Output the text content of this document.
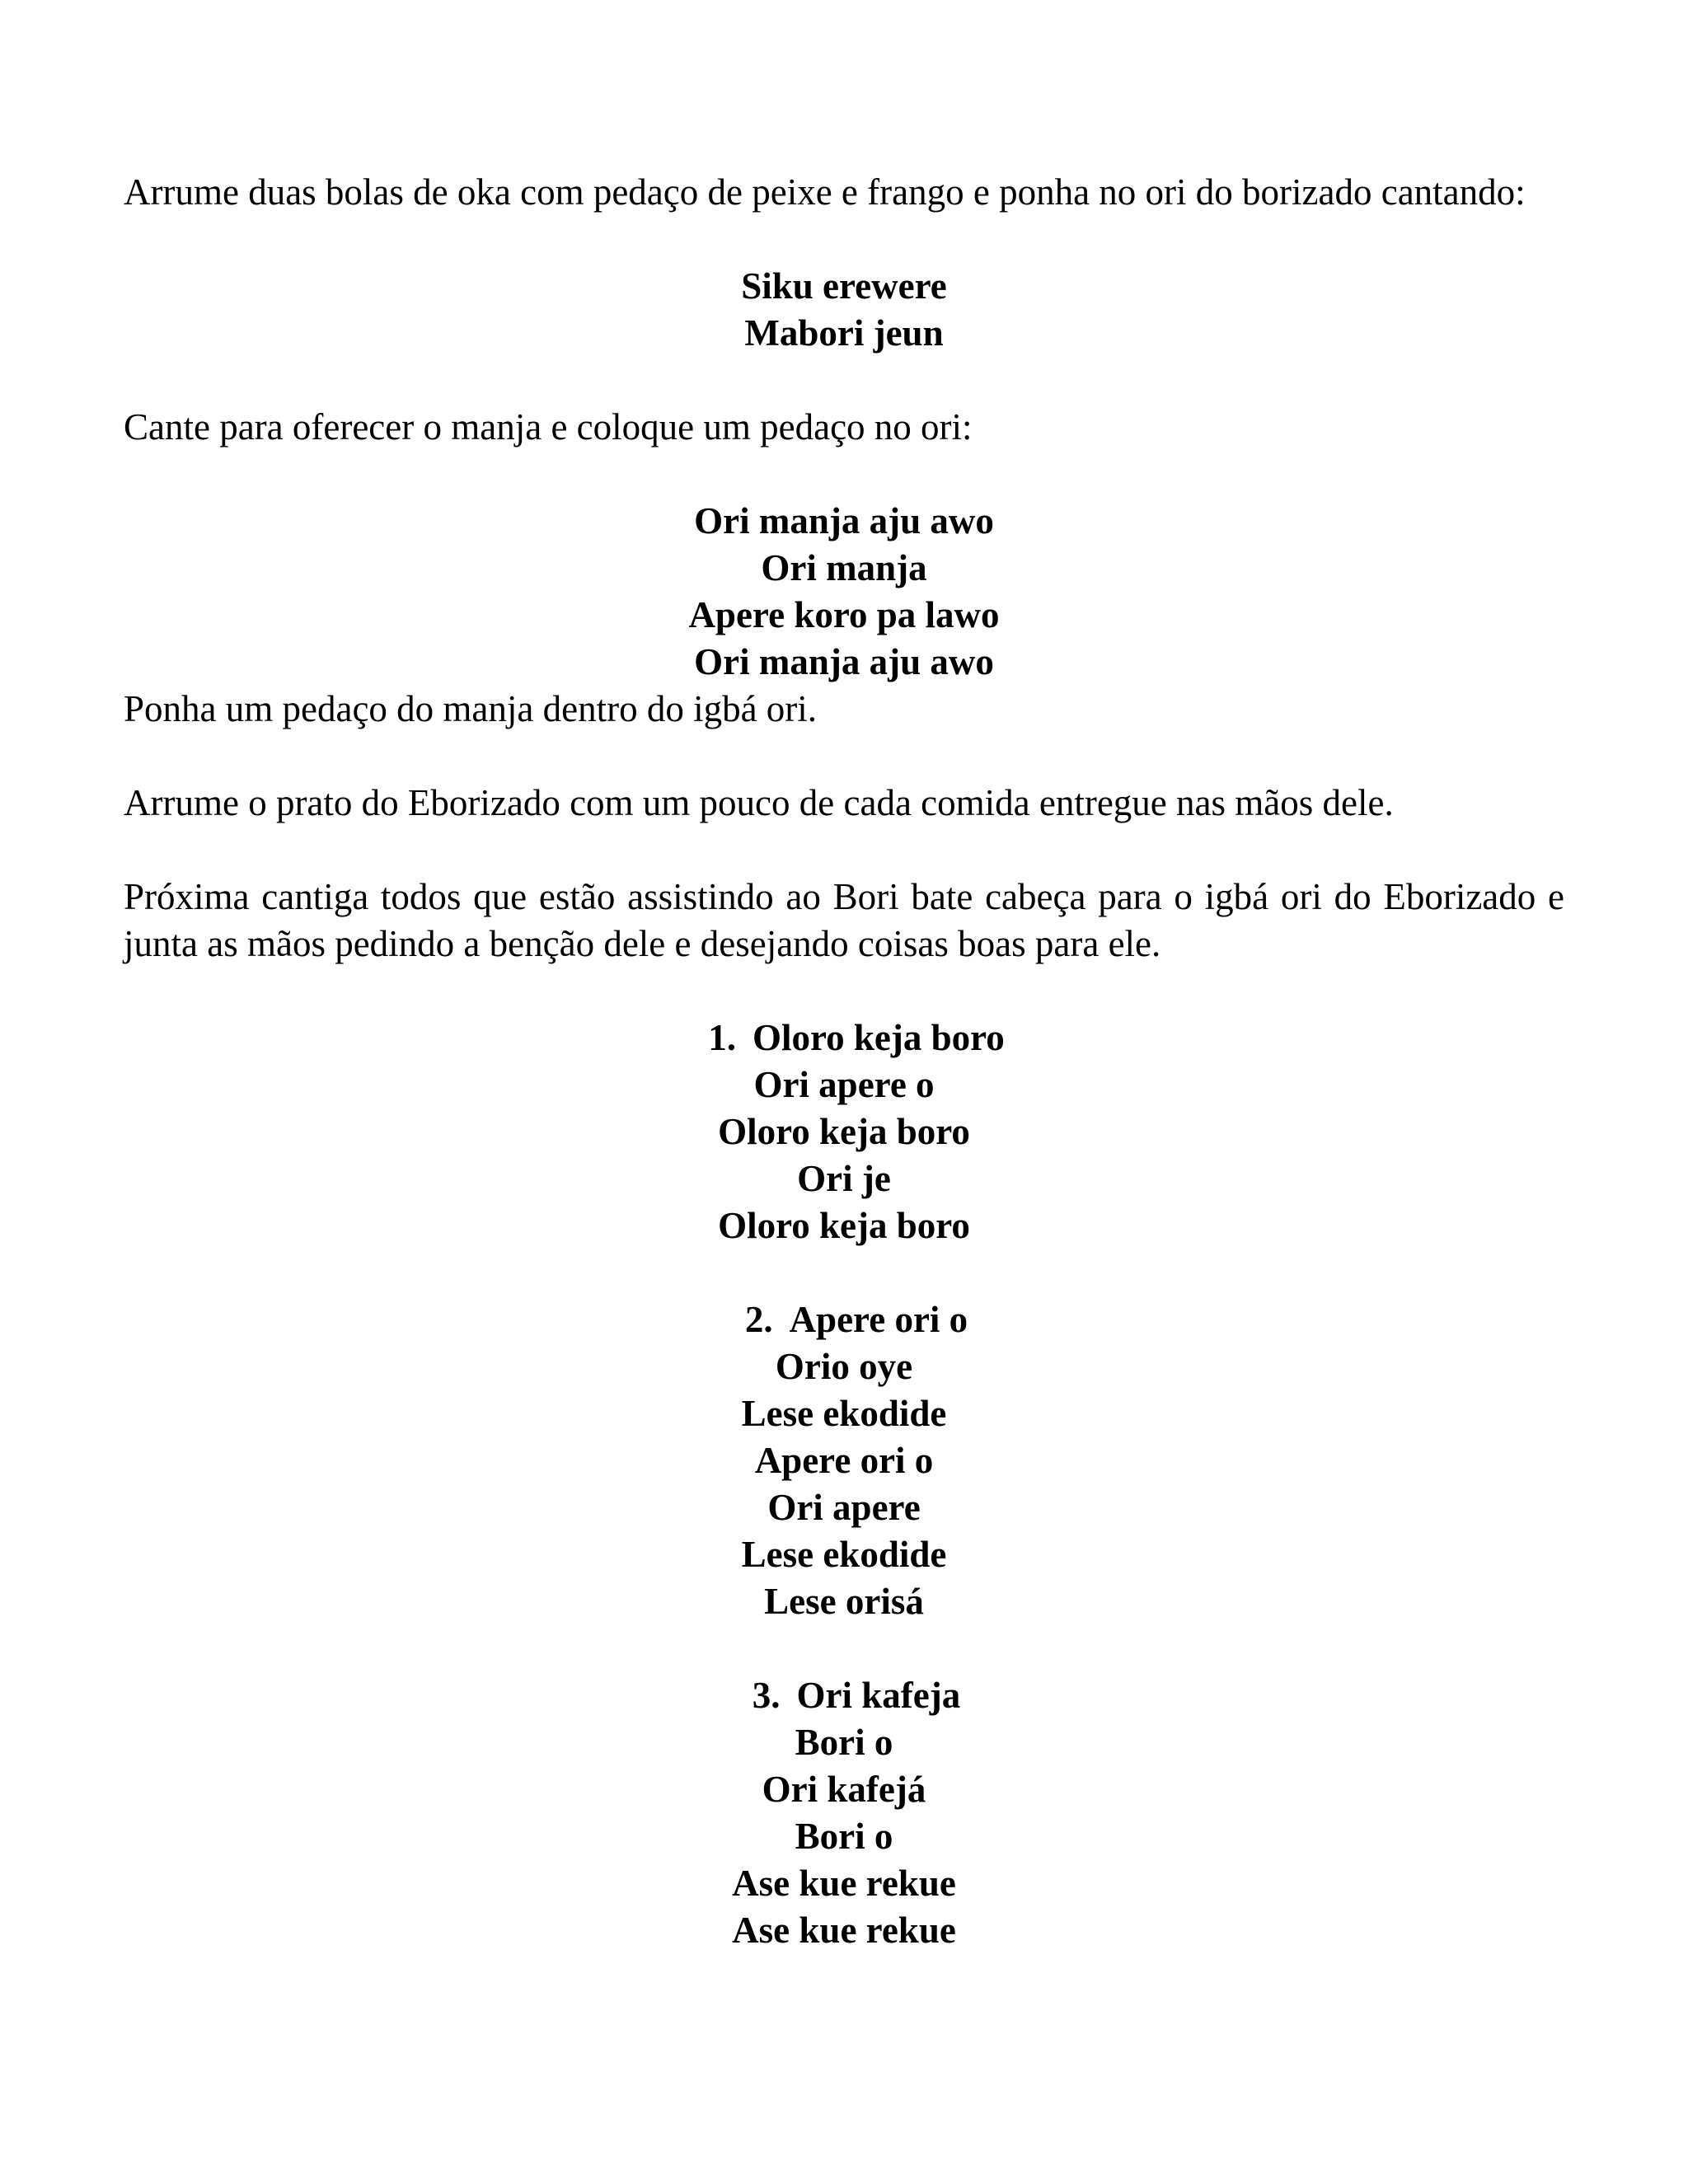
Arrume duas bolas de oka com pedaço de peixe e frango e ponha no ori do borizado cantando:

Siku erewere
Mabori jeun

Cante para oferecer o manja e coloque um pedaço no ori:

Ori manja aju awo
Ori manja
Apere koro pa lawo
Ori manja aju awo

Ponha um pedaço do manja dentro do igbá ori.

Arrume o prato do Eborizado com um pouco de cada comida entregue nas mãos dele.

Próxima cantiga todos que estão assistindo ao Bori bate cabeça para o igbá ori do Eborizado e junta as mãos pedindo a benção dele e desejando coisas boas para ele.

1. Oloro keja boro
Ori apere o
Oloro keja boro
Ori je
Oloro keja boro
2. Apere ori o
Orio oye
Lese ekodide
Apere ori o
Ori apere
Lese ekodide
Lese orisá
3. Ori kafeja
Bori o
Ori kafejá
Bori o
Ase kue rekue
Ase kue rekue
